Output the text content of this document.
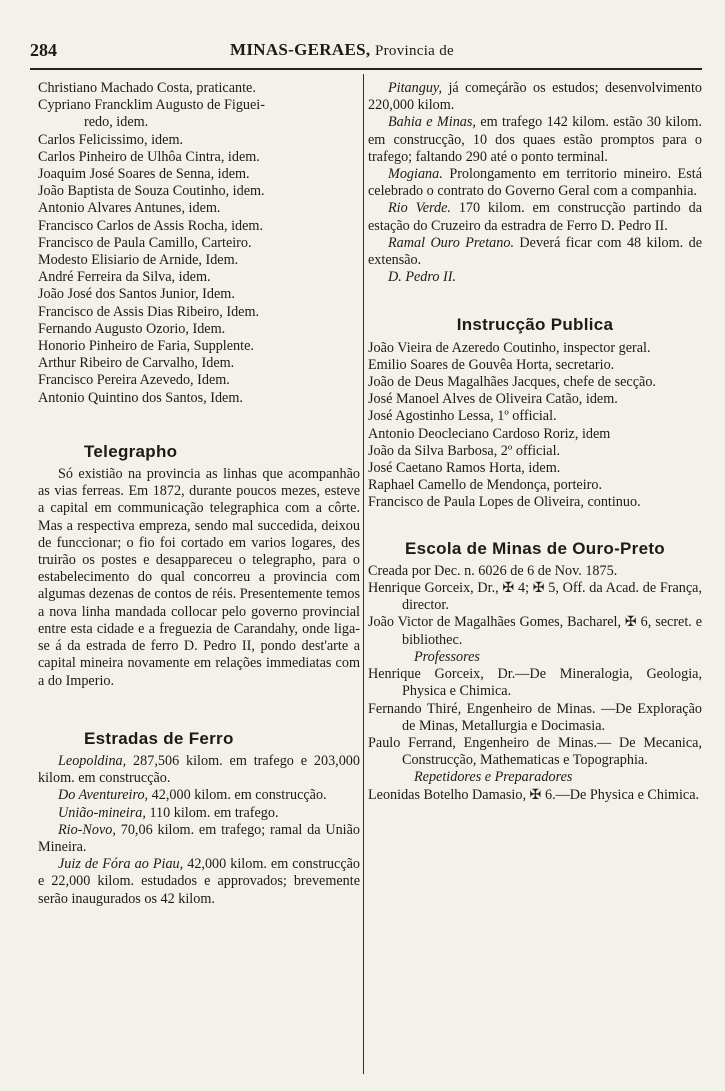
284	MINAS-GERAES, Provincia de
Christiano Machado Costa, praticante.
Cypriano Francklim Augusto de Figuei-
redo, idem.
Carlos Felicissimo, idem.
Carlos Pinheiro de Ulhôa Cintra, idem.
Joaquim José Soares de Senna, idem.
João Baptista de Souza Coutinho, idem.
Antonio Alvares Antunes, idem.
Francisco Carlos de Assis Rocha, idem.
Francisco de Paula Camillo, Carteiro.
Modesto Elisiario de Arnide, Idem.
André Ferreira da Silva, idem.
João José dos Santos Junior, Idem.
Francisco de Assis Dias Ribeiro, Idem.
Fernando Augusto Ozorio, Idem.
Honorio Pinheiro de Faria, Supplente.
Arthur Ribeiro de Carvalho, Idem.
Francisco Pereira Azevedo, Idem.
Antonio Quintino dos Santos, Idem.
Telegrapho
Só existião na provincia as linhas que acompanhão as vias ferreas. Em 1872, durante poucos mezes, esteve a capital em communicação telegraphica com a côrte. Mas a respectiva empreza, sendo mal succedida, deixou de funccionar; o fio foi cortado em varios logares, des truirão os postes e desappareceu o telegrapho, para o estabelecimento do qual concorreu a provincia com algumas dezenas de contos de réis. Presentemente temos a nova linha mandada collocar pelo governo provincial entre esta cidade e a freguezia de Carandahy, onde liga-se á da estrada de ferro D. Pedro II, pondo dest'arte a capital mineira novamente em relações immediatas com a do Imperio.
Estradas de Ferro
Leopoldina, 287,506 kilom. em trafego e 203,000 kilom. em construcção.
Do Aventureiro, 42,000 kilom. em construcção.
União-mineira, 110 kilom. em trafego.
Rio-Novo, 70,06 kilom. em trafego; ramal da União Mineira.
Juiz de Fóra ao Piau, 42,000 kilom. em construcção e 22,000 kilom. estudados e approvados; brevemente serão inaugurados os 42 kilom.
Pitanguy, já começárão os estudos; desenvolvimento 220,000 kilom.
Bahia e Minas, em trafego 142 kilom. estão 30 kilom. em construcção, 10 dos quaes estão promptos para o trafego; faltando 290 até o ponto terminal.
Mogiana. Prolongamento em territorio mineiro. Está celebrado o contrato do Governo Geral com a companhia.
Rio Verde. 170 kilom. em construcção partindo da estação do Cruzeiro da estradra de Ferro D. Pedro II.
Ramal Ouro Pretano. Deverá ficar com 48 kilom. de extensão.
D. Pedro II.
Instrucção Publica
João Vieira de Azeredo Coutinho, inspector geral.
Emilio Soares de Gouvêa Horta, secretario.
João de Deus Magalhães Jacques, chefe de secção.
José Manoel Alves de Oliveira Catão, idem.
José Agostinho Lessa, 1º official.
Antonio Deocleciano Cardoso Roriz, idem
João da Silva Barbosa, 2º official.
José Caetano Ramos Horta, idem.
Raphael Camello de Mendonça, porteiro.
Francisco de Paula Lopes de Oliveira, continuo.
Escola de Minas de Ouro-Preto
Creada por Dec. n. 6026 de 6 de Nov. 1875.
Henrique Gorceix, Dr., ✠ 4; ✠ 5, Off. da Acad. de França, director.
João Victor de Magalhães Gomes, Bacharel, ✠ 6, secret. e bibliothec.
Professores
Henrique Gorceix, Dr.—De Mineralogia, Geologia, Physica e Chimica.
Fernando Thiré, Engenheiro de Minas. —De Exploração de Minas, Metallurgia e Docimasia.
Paulo Ferrand, Engenheiro de Minas.— De Mecanica, Construcção, Mathematicas e Topographia.
Repetidores e Preparadores
Leonidas Botelho Damasio, ✠ 6.—De Physica e Chimica.
